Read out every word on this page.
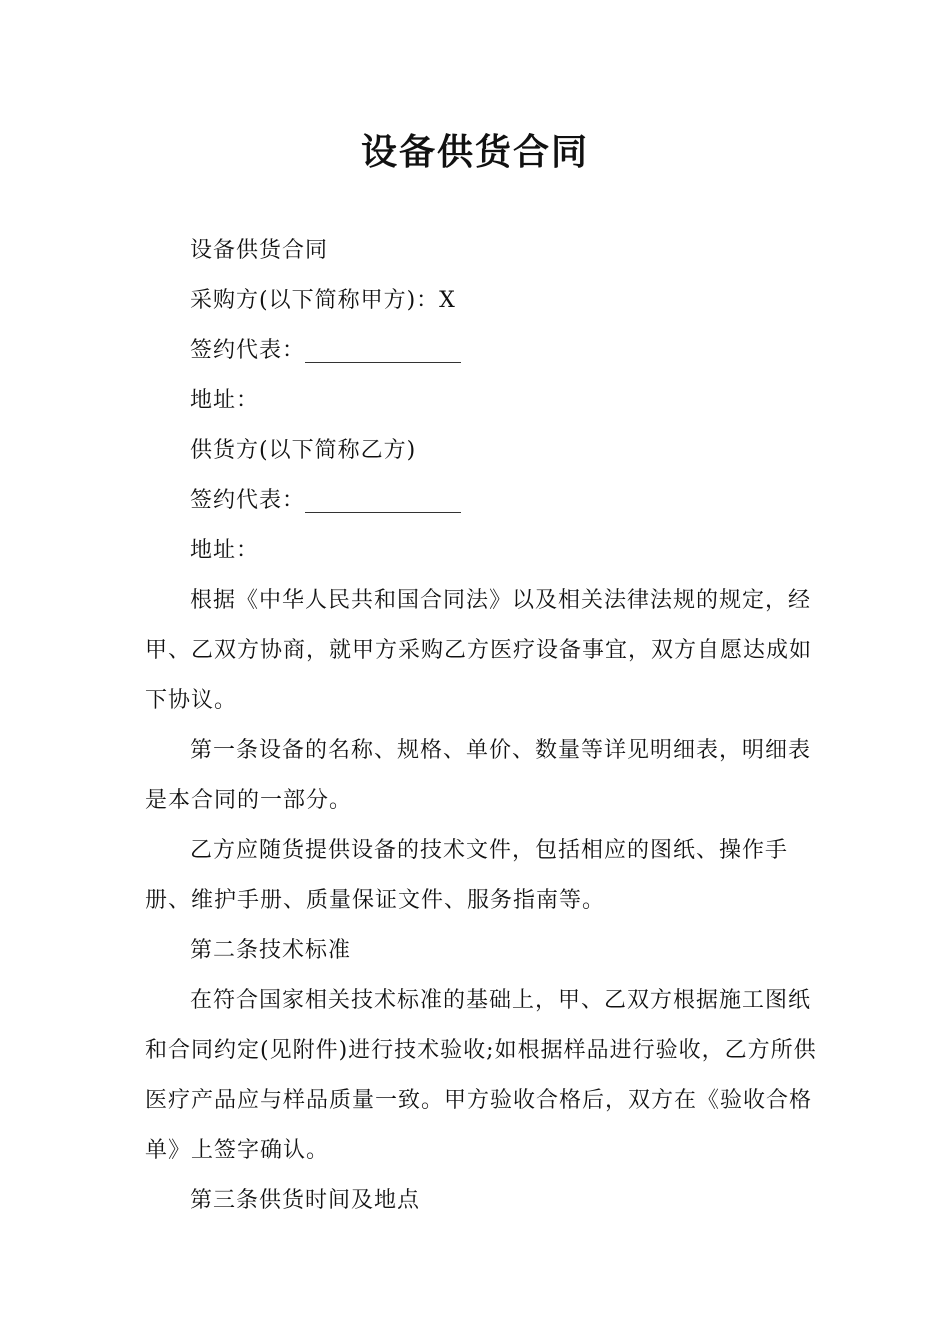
设备供货合同

设备供货合同

采购方(以下简称甲方)：X

签约代表：

地址：

供货方(以下简称乙方)

签约代表：

地址：

根据《中华人民共和国合同法》以及相关法律法规的规定，经甲、乙双方协商，就甲方采购乙方医疗设备事宜，双方自愿达成如下协议。

第一条设备的名称、规格、单价、数量等详见明细表，明细表是本合同的一部分。

乙方应随货提供设备的技术文件，包括相应的图纸、操作手册、维护手册、质量保证文件、服务指南等。

第二条技术标准

在符合国家相关技术标准的基础上，甲、乙双方根据施工图纸和合同约定(见附件)进行技术验收;如根据样品进行验收，乙方所供医疗产品应与样品质量一致。甲方验收合格后，双方在《验收合格单》上签字确认。

第三条供货时间及地点
